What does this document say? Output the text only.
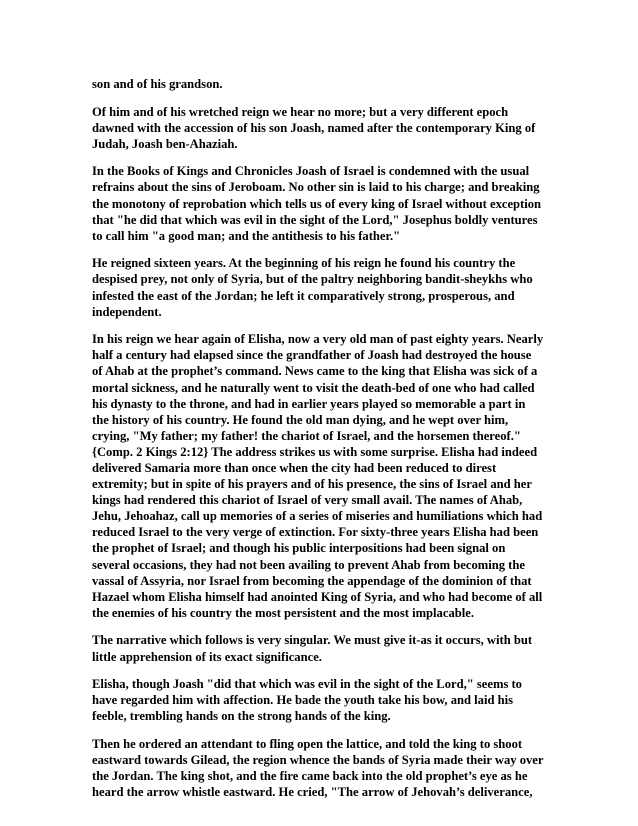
son and of his grandson.

Of him and of his wretched reign we hear no more; but a very different epoch
dawned with the accession of his son Joash, named after the contemporary King of
Judah, Joash ben-Ahaziah.

In the Books of Kings and Chronicles Joash of Israel is condemned with the usual
refrains about the sins of Jeroboam. No other sin is laid to his charge; and breaking
the monotony of reprobation which tells us of every king of Israel without exception
that "he did that which was evil in the sight of the Lord," Josephus boldly ventures
to call him "a good man; and the antithesis to his father."

He reigned sixteen years. At the beginning of his reign he found his country the
despised prey, not only of Syria, but of the paltry neighboring bandit-sheykhs who
infested the east of the Jordan; he left it comparatively strong, prosperous, and
independent.

In his reign we hear again of Elisha, now a very old man of past eighty years. Nearly
half a century had elapsed since the grandfather of Joash had destroyed the house
of Ahab at the prophet’s command. News came to the king that Elisha was sick of a
mortal sickness, and he naturally went to visit the death-bed of one who had called
his dynasty to the throne, and had in earlier years played so memorable a part in
the history of his country. He found the old man dying, and he wept over him,
crying, "My father; my father! the chariot of Israel, and the horsemen thereof."
{Comp. 2 Kings 2:12} The address strikes us with some surprise. Elisha had indeed
delivered Samaria more than once when the city had been reduced to direst
extremity; but in spite of his prayers and of his presence, the sins of Israel and her
kings had rendered this chariot of Israel of very small avail. The names of Ahab,
Jehu, Jehoahaz, call up memories of a series of miseries and humiliations which had
reduced Israel to the very verge of extinction. For sixty-three years Elisha had been
the prophet of Israel; and though his public interpositions had been signal on
several occasions, they had not been availing to prevent Ahab from becoming the
vassal of Assyria, nor Israel from becoming the appendage of the dominion of that
Hazael whom Elisha himself had anointed King of Syria, and who had become of all
the enemies of his country the most persistent and the most implacable.

The narrative which follows is very singular. We must give it-as it occurs, with but
little apprehension of its exact significance.

Elisha, though Joash "did that which was evil in the sight of the Lord," seems to
have regarded him with affection. He bade the youth take his bow, and laid his
feeble, trembling hands on the strong hands of the king.

Then he ordered an attendant to fling open the lattice, and told the king to shoot
eastward towards Gilead, the region whence the bands of Syria made their way over
the Jordan. The king shot, and the fire came back into the old prophet’s eye as he
heard the arrow whistle eastward. He cried, "The arrow of Jehovah’s deliverance,
